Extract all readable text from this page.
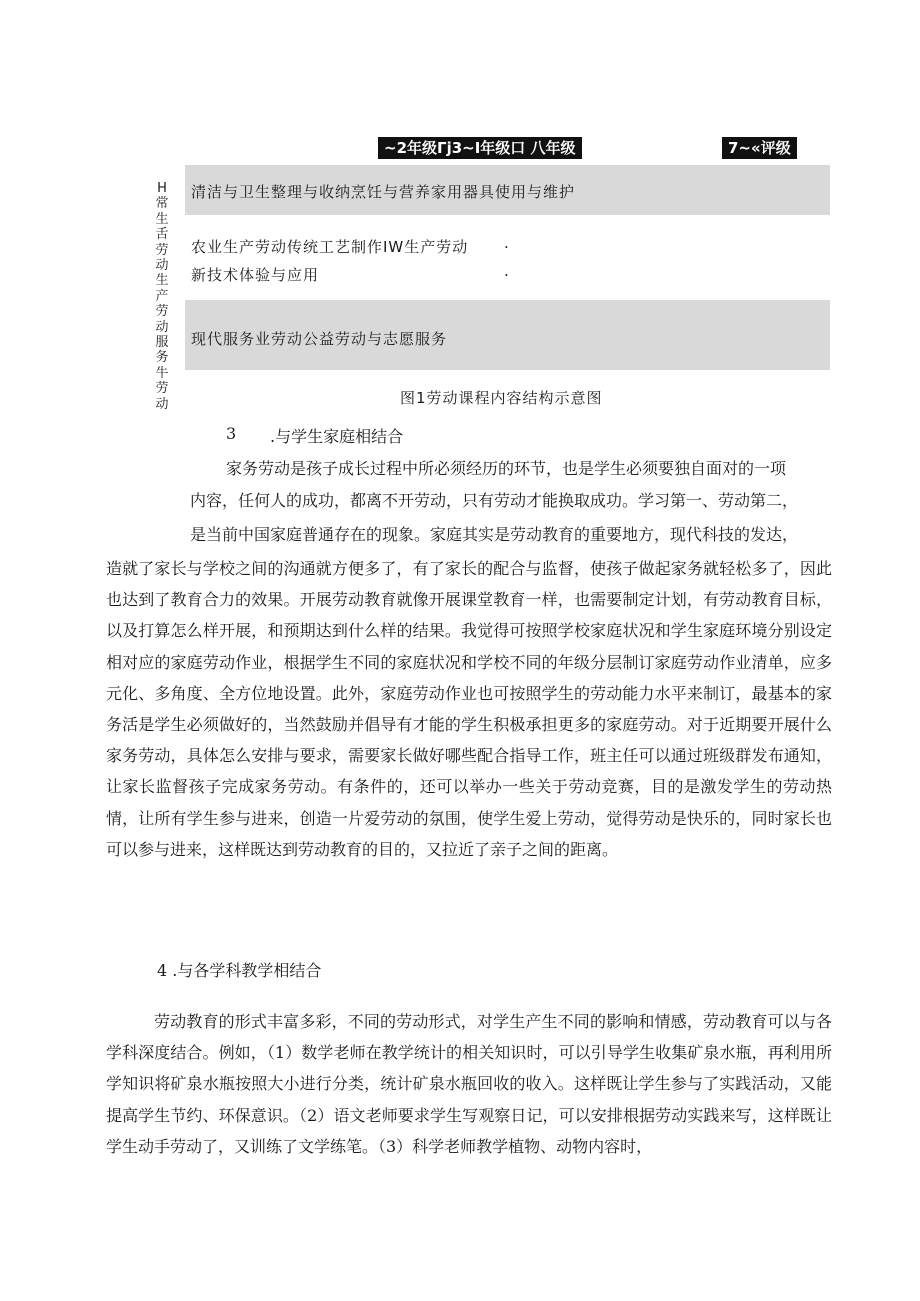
~2年级Гj3~I年级口 八年级	7~«评级
H常生舌劳动生产劳动服务牛劳动
清洁与卫生整理与收纳烹饪与营养家用器具使用与维护
农业生产劳动传统工艺制作IW生产劳动 .
新技术体验与应用	.
现代服务业劳动公益劳动与志愿服务
图1劳动课程内容结构示意图
3 .与学生家庭相结合
家务劳动是孩子成长过程中所必须经历的环节，也是学生必须要独自面对的一项
内容，任何人的成功，都离不开劳动，只有劳动才能换取成功。学习第一、劳动第二，
是当前中国家庭普通存在的现象。家庭其实是劳动教育的重要地方，现代科技的发达，
造就了家长与学校之间的沟通就方便多了，有了家长的配合与监督，使孩子做起家务就轻松多了，因此也达到了教育合力的效果。开展劳动教育就像开展课堂教育一样，也需要制定计划，有劳动教育目标，以及打算怎么样开展，和预期达到什么样的结果。我觉得可按照学校家庭状况和学生家庭环境分别设定相对应的家庭劳动作业，根据学生不同的家庭状况和学校不同的年级分层制订家庭劳动作业清单，应多元化、多角度、全方位地设置。此外，家庭劳动作业也可按照学生的劳动能力水平来制订，最基本的家务活是学生必须做好的，当然鼓励并倡导有才能的学生积极承担更多的家庭劳动。对于近期要开展什么家务劳动，具体怎么安排与要求，需要家长做好哪些配合指导工作，班主任可以通过班级群发布通知，让家长监督孩子完成家务劳动。有条件的，还可以举办一些关于劳动竞赛，目的是激发学生的劳动热情，让所有学生参与进来，创造一片爱劳动的氛围，使学生爱上劳动，觉得劳动是快乐的，同时家长也可以参与进来，这样既达到劳动教育的目的，又拉近了亲子之间的距离。
4 .与各学科教学相结合
劳动教育的形式丰富多彩，不同的劳动形式，对学生产生不同的影响和情感，劳动教育可以与各学科深度结合。例如，（1）数学老师在教学统计的相关知识时，可以引导学生收集矿泉水瓶，再利用所学知识将矿泉水瓶按照大小进行分类，统计矿泉水瓶回收的收入。这样既让学生参与了实践活动，又能提高学生节约、环保意识。（2）语文老师要求学生写观察日记，可以安排根据劳动实践来写，这样既让学生动手劳动了，又训练了文学练笔。（3）科学老师教学植物、动物内容时，
